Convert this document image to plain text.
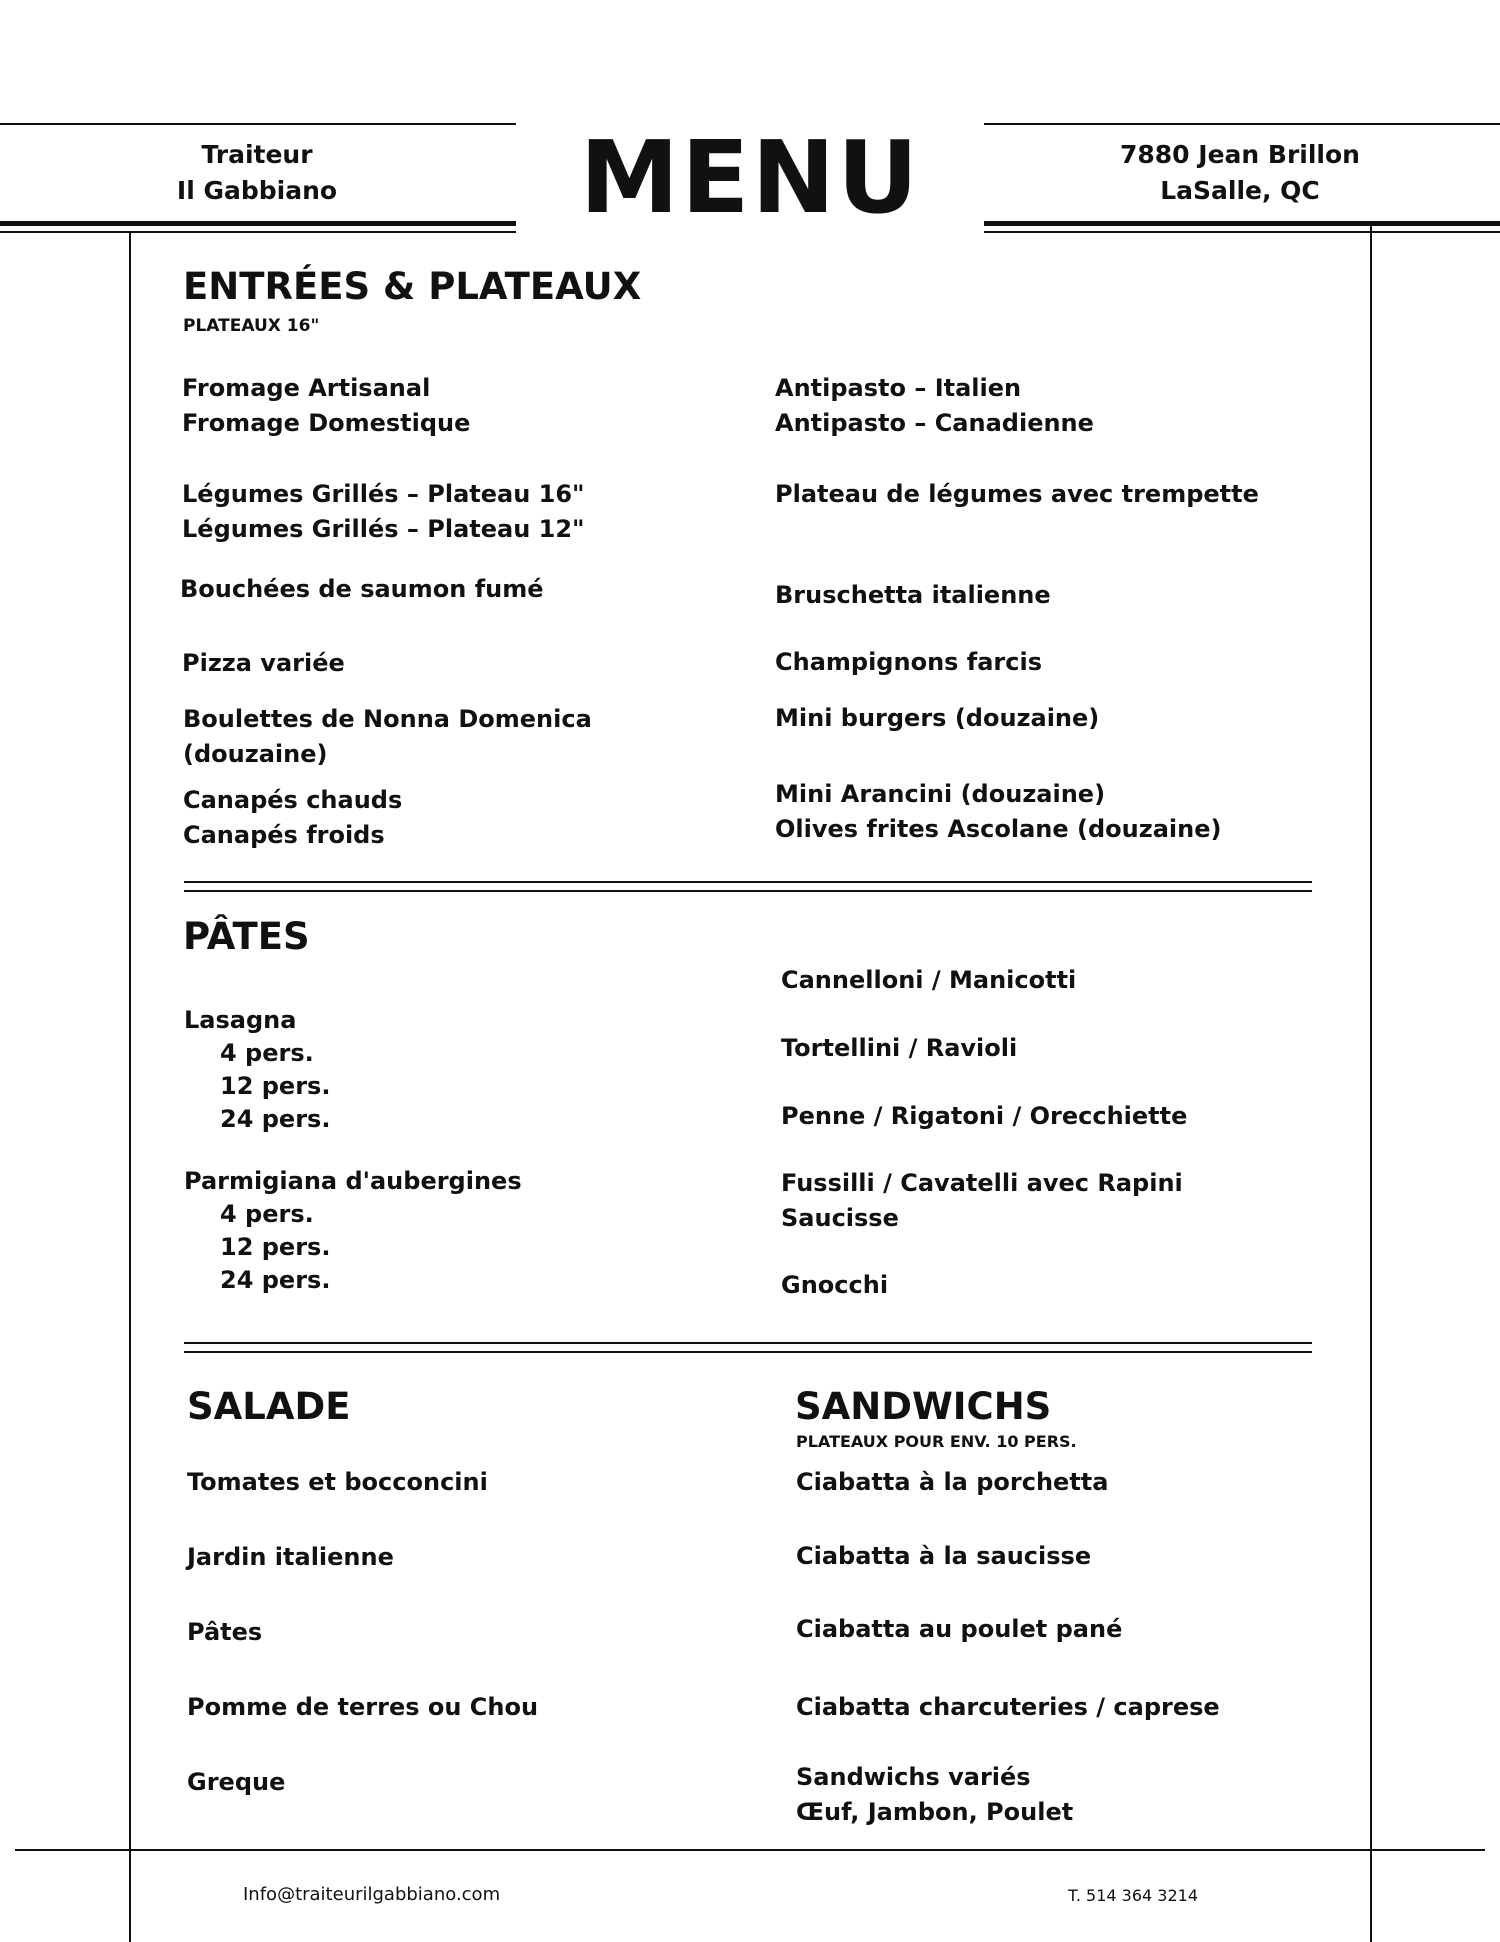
Traiteur
Il Gabbiano MENU	7880 Jean Brillon
LaSalle, QC
ENTRÉES & PLATEAUX
PLATEAUX 16"
Fromage Artisanal
Fromage Domestique
Légumes Grillés – Plateau 16"
Légumes Grillés – Plateau 12"
Bouchées de saumon fumé
Pizza variée
Boulettes de Nonna Domenica
(douzaine)
Canapés chauds
Canapés froids
Antipasto – Italien
Antipasto – Canadienne
Plateau de légumes avec trempette
Bruschetta italienne
Champignons farcis
Mini burgers (douzaine)
Mini Arancini (douzaine)
Olives frites Ascolane (douzaine)
PÂTES
Lasagna
4 pers.
12 pers.
24 pers.
Parmigiana d'aubergines
4 pers.
12 pers.
24 pers.
Cannelloni / Manicotti
Tortellini / Ravioli
Penne / Rigatoni / Orecchiette
Fussilli / Cavatelli avec Rapini
Saucisse
Gnocchi
SALADE
Tomates et bocconcini
Jardin italienne
Pâtes
Pomme de terres ou Chou
Greque
SANDWICHS
PLATEAUX POUR ENV. 10 PERS.
Ciabatta à la porchetta
Ciabatta à la saucisse
Ciabatta au poulet pané
Ciabatta charcuteries / caprese
Sandwichs variés
Œuf, Jambon, Poulet
Info@traiteurilgabbiano.com	T. 514 364 3214
